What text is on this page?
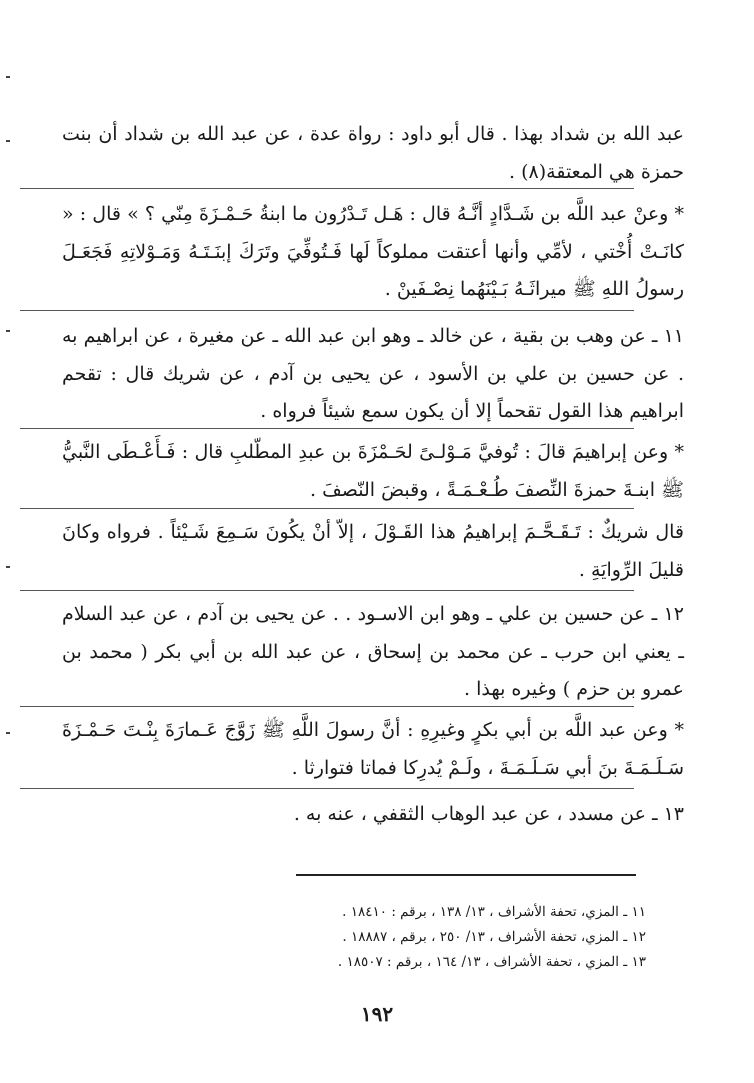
عبد الله بن شداد بهذا . قال أبو داود : رواة عدة ، عن عبد الله بن شداد أن بنت حمزة هي المعتقة(٨) .

* وعنْ عبد اللَّه بن شَـدَّادٍ أنَّـهُ قال : هَـل تَـدْرُون ما ابنةُ حَـمْـزَةَ مِنّي ؟ » قال : « كانَـتْ أُخْتي ، لأمِّي وأنها أعتقت مملوكاً لَها فَـتُوفِّيَ وتَرَكَ إبنَـتَـهُ وَمَـوْلاتِهِ فَجَعَـلَ رسولُ اللهِ ﷺ ميراثَـهُ بَـيْنَهُما نِصْـفَينْ .

١١ ـ عن وهب بن بقية ، عن خالد ـ وهو ابن عبد الله ـ عن مغيرة ، عن ابراهيم به . عن حسين بن علي بن الأسود ، عن يحيى بن آدم ، عن شريك قال : تقحم ابراهيم هذا القول تقحماً إلا أن يكون سمع شيئاً فرواه .

* وعن إبراهيمَ قالَ : تُوفيَّ مَـوْلـىً لحَـمْزَةَ بن عبدِ المطّلبِ قال : فَـأَعْـطَى النَّبيُّ ﷺ ابنـةَ حمزةَ النِّصفَ طُـعْـمَـةً ، وقبضَ النّصفَ .

قال شريكٌ : تَـقَـحَّـمَ إبراهيمُ هذا القَـوْلَ ، إلاّ أنْ يكُونَ سَـمِعَ شَـيْئاً . فرواه وكانَ قليلَ الرِّوايَةِ .

١٢ ـ عن حسين بن علي ـ وهو ابن الاسـود . . عن يحيى بن آدم ، عن عبد السلام ـ يعني ابن حرب ـ عن محمد بن إسحاق ، عن عبد الله بن أبي بكر ( محمد بن عمرو بن حزم ) وغيره بهذا .

* وعن عبد اللَّه بن أبي بكرٍ وغيرِهِ : أنَّ رسولَ اللَّهِ ﷺ زَوَّجَ عَـمارَةَ بِنْـتَ حَـمْـزَةَ سَـلَـمَـةَ بنَ أبي سَـلَـمَـةَ ، ولَـمْ يُدرِكا فماتا فتوارثا .

١٣ ـ عن مسدد ، عن عبد الوهاب الثقفي ، عنه به .

١١ ـ المزي، تحفة الأشراف ، ١٣/ ١٣٨ ، برقم : ١٨٤١٠ .

١٢ ـ المزي، تحفة الأشراف ، ١٣/ ٢٥٠ ، برقم ، ١٨٨٨٧ .

١٣ ـ المزي ، تحفة الأشراف ، ١٣/ ١٦٤ ، برقم : ١٨٥٠٧ .

١٩٢
